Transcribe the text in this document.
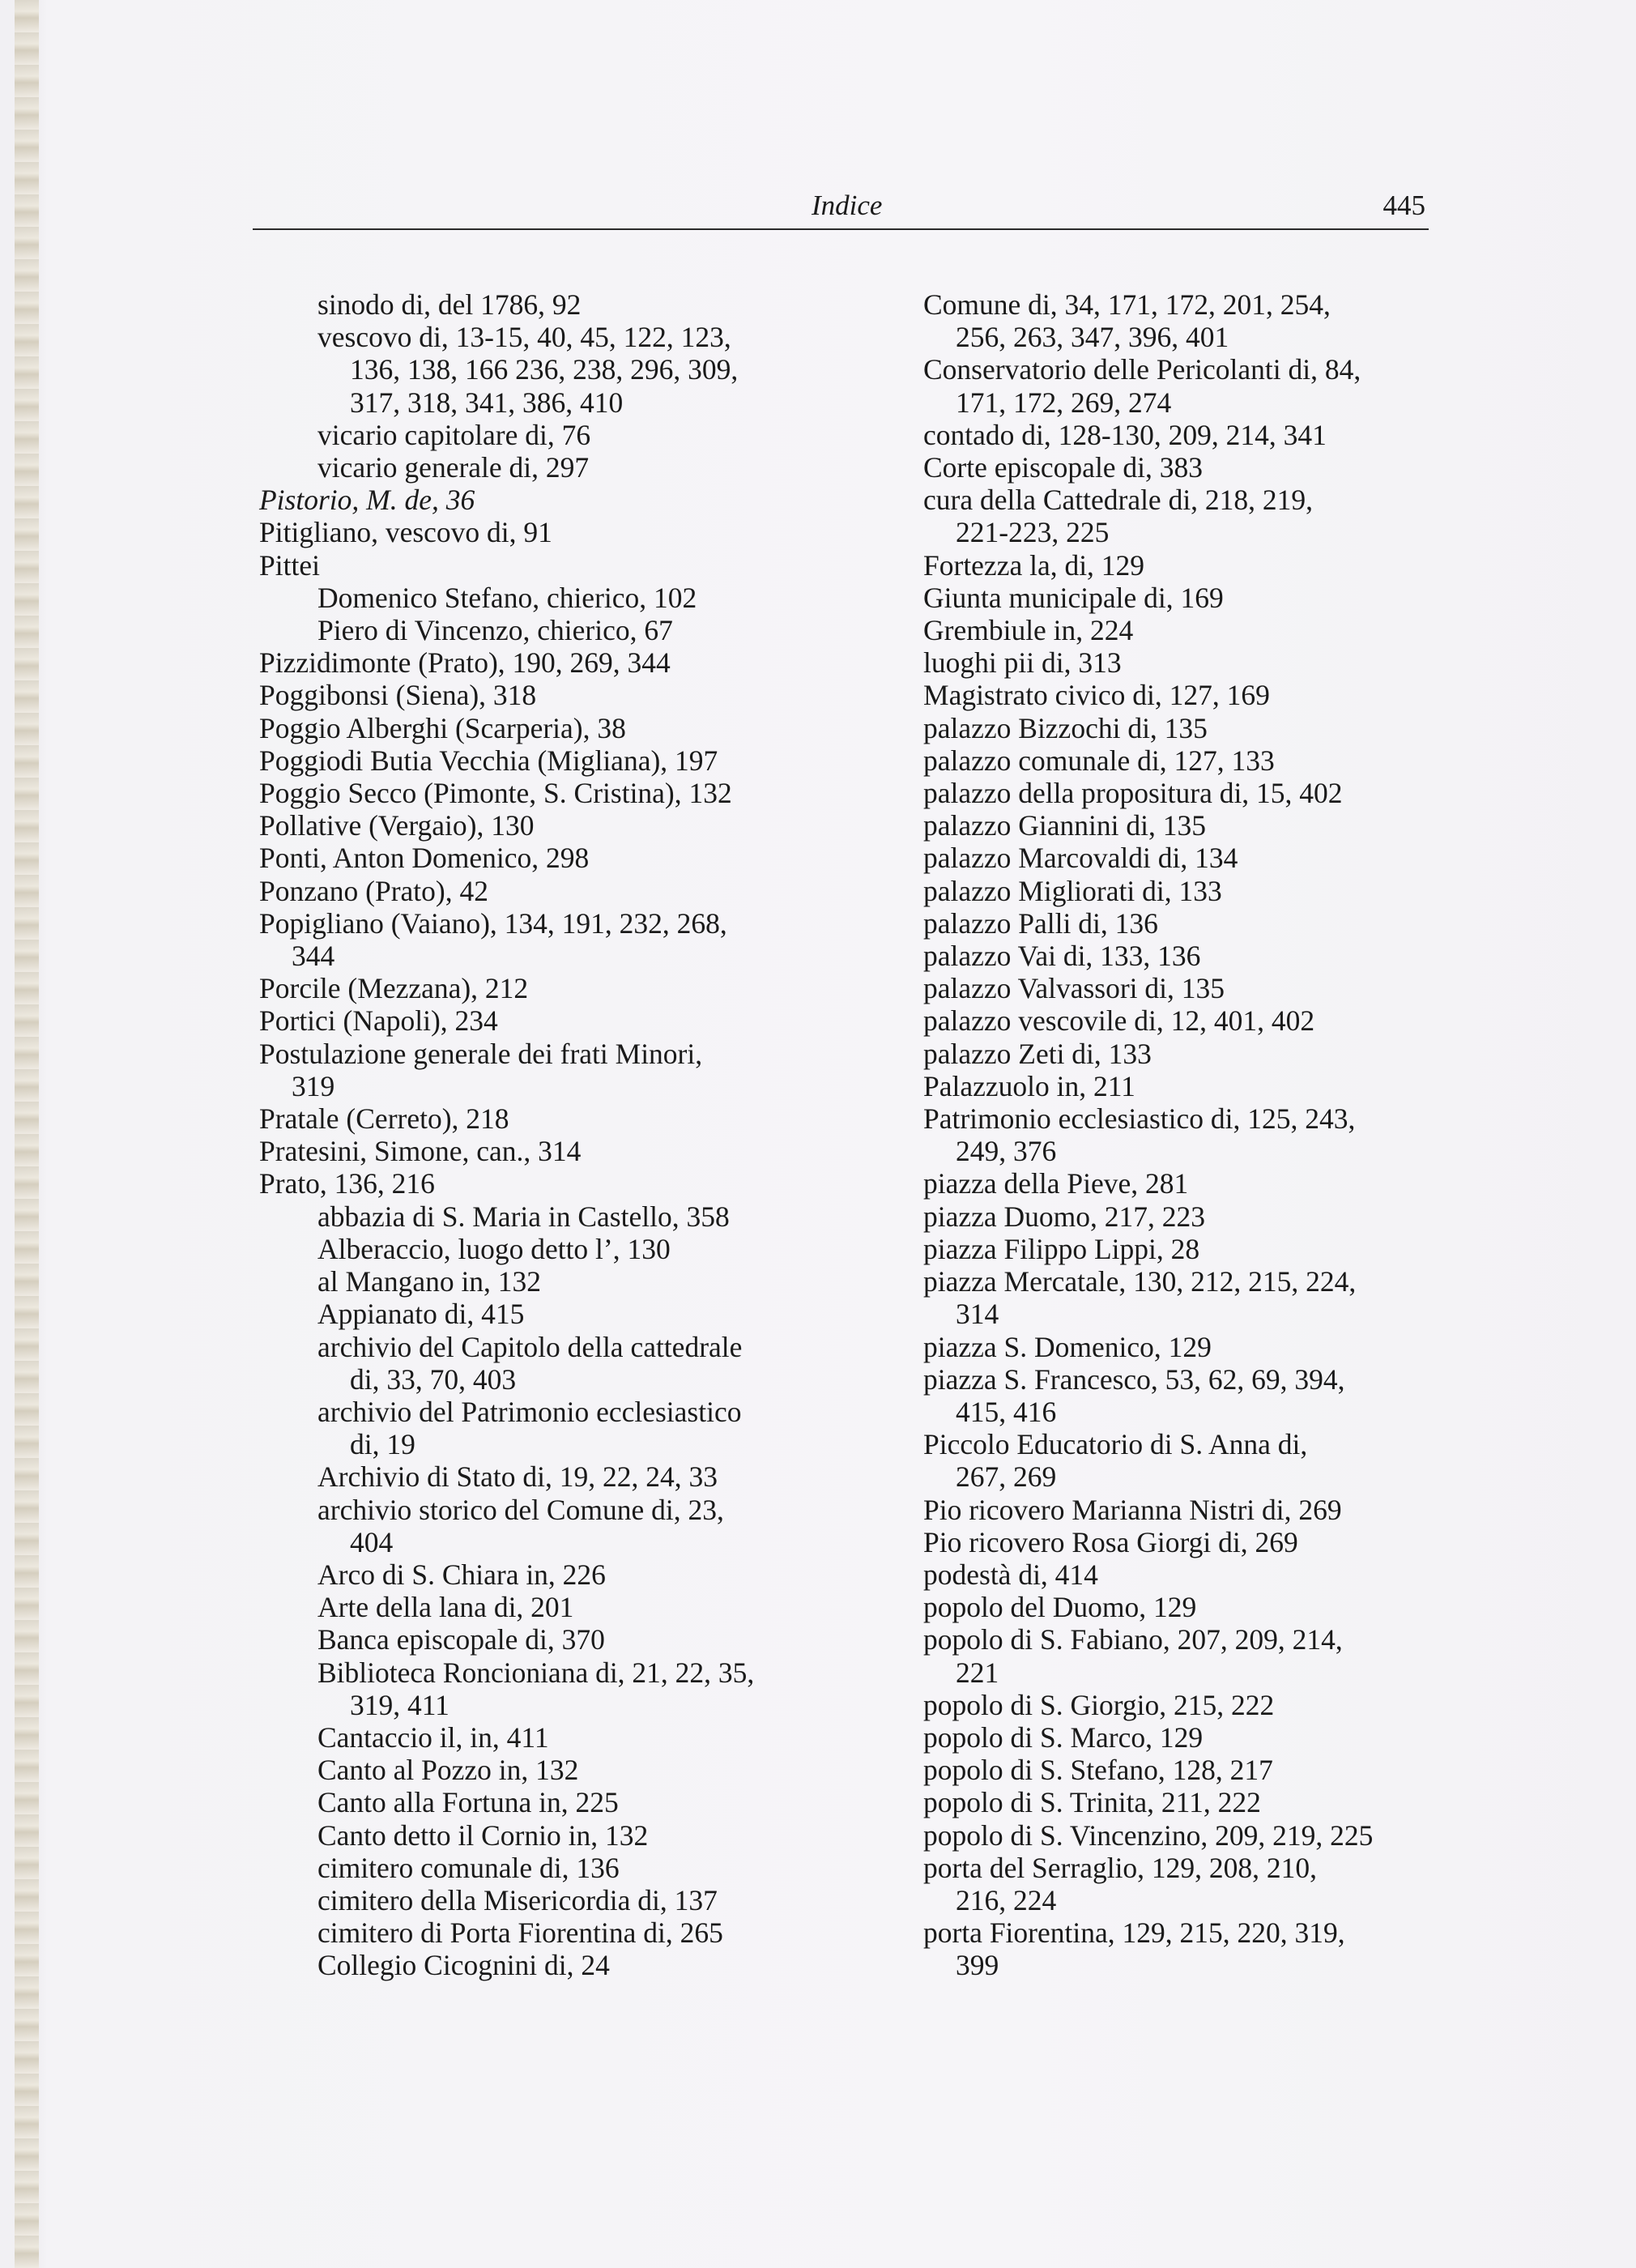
Indice	445
sinodo di, del 1786, 92
vescovo di, 13-15, 40, 45, 122, 123,
136, 138, 166 236, 238, 296, 309,
317, 318, 341, 386, 410
vicario capitolare di, 76
vicario generale di, 297
Pistorio, M. de, 36
Pitigliano, vescovo di, 91
Pittei
Domenico Stefano, chierico, 102
Piero di Vincenzo, chierico, 67
Pizzidimonte (Prato), 190, 269, 344
Poggibonsi (Siena), 318
Poggio Alberghi (Scarperia), 38
Poggiodi Butia Vecchia (Migliana), 197
Poggio Secco (Pimonte, S. Cristina), 132
Pollative (Vergaio), 130
Ponti, Anton Domenico, 298
Ponzano (Prato), 42
Popigliano (Vaiano), 134, 191, 232, 268,
344
Porcile (Mezzana), 212
Portici (Napoli), 234
Postulazione generale dei frati Minori,
319
Pratale (Cerreto), 218
Pratesini, Simone, can., 314
Prato, 136, 216
abbazia di S. Maria in Castello, 358
Alberaccio, luogo detto l’, 130
al Mangano in, 132
Appianato di, 415
archivio del Capitolo della cattedrale
di, 33, 70, 403
archivio del Patrimonio ecclesiastico
di, 19
Archivio di Stato di, 19, 22, 24, 33
archivio storico del Comune di, 23,
404
Arco di S. Chiara in, 226
Arte della lana di, 201
Banca episcopale di, 370
Biblioteca Roncioniana di, 21, 22, 35,
319, 411
Cantaccio il, in, 411
Canto al Pozzo in, 132
Canto alla Fortuna in, 225
Canto detto il Cornio in, 132
cimitero comunale di, 136
cimitero della Misericordia di, 137
cimitero di Porta Fiorentina di, 265
Collegio Cicognini di, 24
Comune di, 34, 171, 172, 201, 254,
256, 263, 347, 396, 401
Conservatorio delle Pericolanti di, 84,
171, 172, 269, 274
contado di, 128-130, 209, 214, 341
Corte episcopale di, 383
cura della Cattedrale di, 218, 219,
221-223, 225
Fortezza la, di, 129
Giunta municipale di, 169
Grembiule in, 224
luoghi pii di, 313
Magistrato civico di, 127, 169
palazzo Bizzochi di, 135
palazzo comunale di, 127, 133
palazzo della propositura di, 15, 402
palazzo Giannini di, 135
palazzo Marcovaldi di, 134
palazzo Migliorati di, 133
palazzo Palli di, 136
palazzo Vai di, 133, 136
palazzo Valvassori di, 135
palazzo vescovile di, 12, 401, 402
palazzo Zeti di, 133
Palazzuolo in, 211
Patrimonio ecclesiastico di, 125, 243,
249, 376
piazza della Pieve, 281
piazza Duomo, 217, 223
piazza Filippo Lippi, 28
piazza Mercatale, 130, 212, 215, 224,
314
piazza S. Domenico, 129
piazza S. Francesco, 53, 62, 69, 394,
415, 416
Piccolo Educatorio di S. Anna di,
267, 269
Pio ricovero Marianna Nistri di, 269
Pio ricovero Rosa Giorgi di, 269
podestà di, 414
popolo del Duomo, 129
popolo di S. Fabiano, 207, 209, 214,
221
popolo di S. Giorgio, 215, 222
popolo di S. Marco, 129
popolo di S. Stefano, 128, 217
popolo di S. Trinita, 211, 222
popolo di S. Vincenzino, 209, 219, 225
porta del Serraglio, 129, 208, 210,
216, 224
porta Fiorentina, 129, 215, 220, 319,
399
